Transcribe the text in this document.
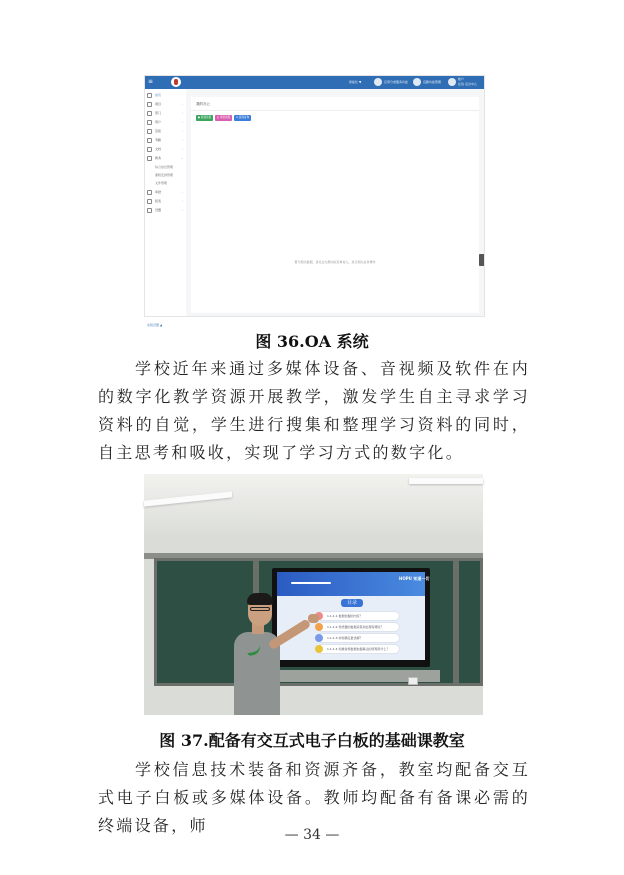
≡	智能化 ▼	应用分类服务功能	后勤功能管理
帐户
在线 后台中心
首页
项目	›
部门	›
用户	›
签报	›
考勤	›
文档	›
教务	⌄
综合信息管理
课程安排管理
文件管理
审批	›
报表	›
设置	›
系统设置 ▲
我的办公
● 新建流程	◷ 审批流程	≡ 流程查询
暂无相关数据，请点击左侧功能菜单进入，进行相关业务操作
图 36.OA 系统
学校近年来通过多媒体设备、音视频及软件在内的数字化教学资源开展教学，激发学生自主寻求学习资料的自觉，学生进行搜集和整理学习资料的同时，自主思考和吸收，实现了学习方式的数字化。
HOPU 知道一切
目录
1.1.1.1 数据挖掘的内容？
1.1.1.2 传感器的数据采集和处理有哪些？
1.1.1.3 如何确定最优解？
1.1.1.4 知道常规数据挖掘算法的原理是什么？
图 37.配备有交互式电子白板的基础课教室
学校信息技术装备和资源齐备，教室均配备交互式电子白板或多媒体设备。教师均配备有备课必需的终端设备，师	— 34 —
